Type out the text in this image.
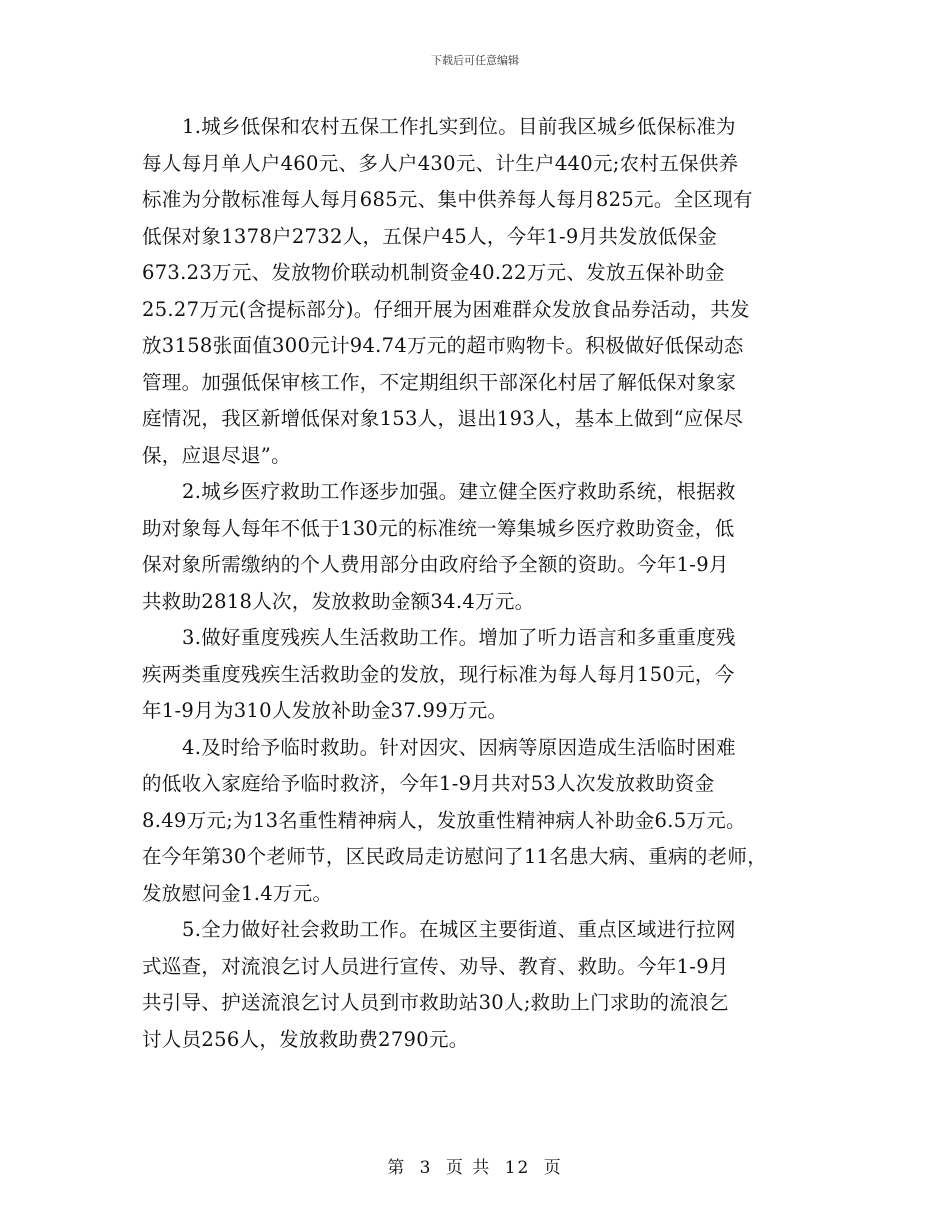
下载后可任意编辑
1.城乡低保和农村五保工作扎实到位。目前我区城乡低保标准为
每人每月单人户460元、多人户430元、计生户440元;农村五保供养
标准为分散标准每人每月685元、集中供养每人每月825元。全区现有
低保对象1378户2732人，五保户45人，今年1-9月共发放低保金
673.23万元、发放物价联动机制资金40.22万元、发放五保补助金
25.27万元(含提标部分)。仔细开展为困难群众发放食品券活动，共发
放3158张面值300元计94.74万元的超市购物卡。积极做好低保动态
管理。加强低保审核工作，不定期组织干部深化村居了解低保对象家
庭情况，我区新增低保对象153人，退出193人，基本上做到“应保尽
保，应退尽退”。
2.城乡医疗救助工作逐步加强。建立健全医疗救助系统，根据救
助对象每人每年不低于130元的标准统一筹集城乡医疗救助资金，低
保对象所需缴纳的个人费用部分由政府给予全额的资助。今年1-9月
共救助2818人次，发放救助金额34.4万元。
3.做好重度残疾人生活救助工作。增加了听力语言和多重重度残
疾两类重度残疾生活救助金的发放，现行标准为每人每月150元，今
年1-9月为310人发放补助金37.99万元。
4.及时给予临时救助。针对因灾、因病等原因造成生活临时困难
的低收入家庭给予临时救济，今年1-9月共对53人次发放救助资金
8.49万元;为13名重性精神病人，发放重性精神病人补助金6.5万元。
在今年第30个老师节，区民政局走访慰问了11名患大病、重病的老师，
发放慰问金1.4万元。
5.全力做好社会救助工作。在城区主要街道、重点区域进行拉网
式巡查，对流浪乞讨人员进行宣传、劝导、教育、救助。今年1-9月
共引导、护送流浪乞讨人员到市救助站30人;救助上门求助的流浪乞
讨人员256人，发放救助费2790元。
第 3 页 共 12 页
